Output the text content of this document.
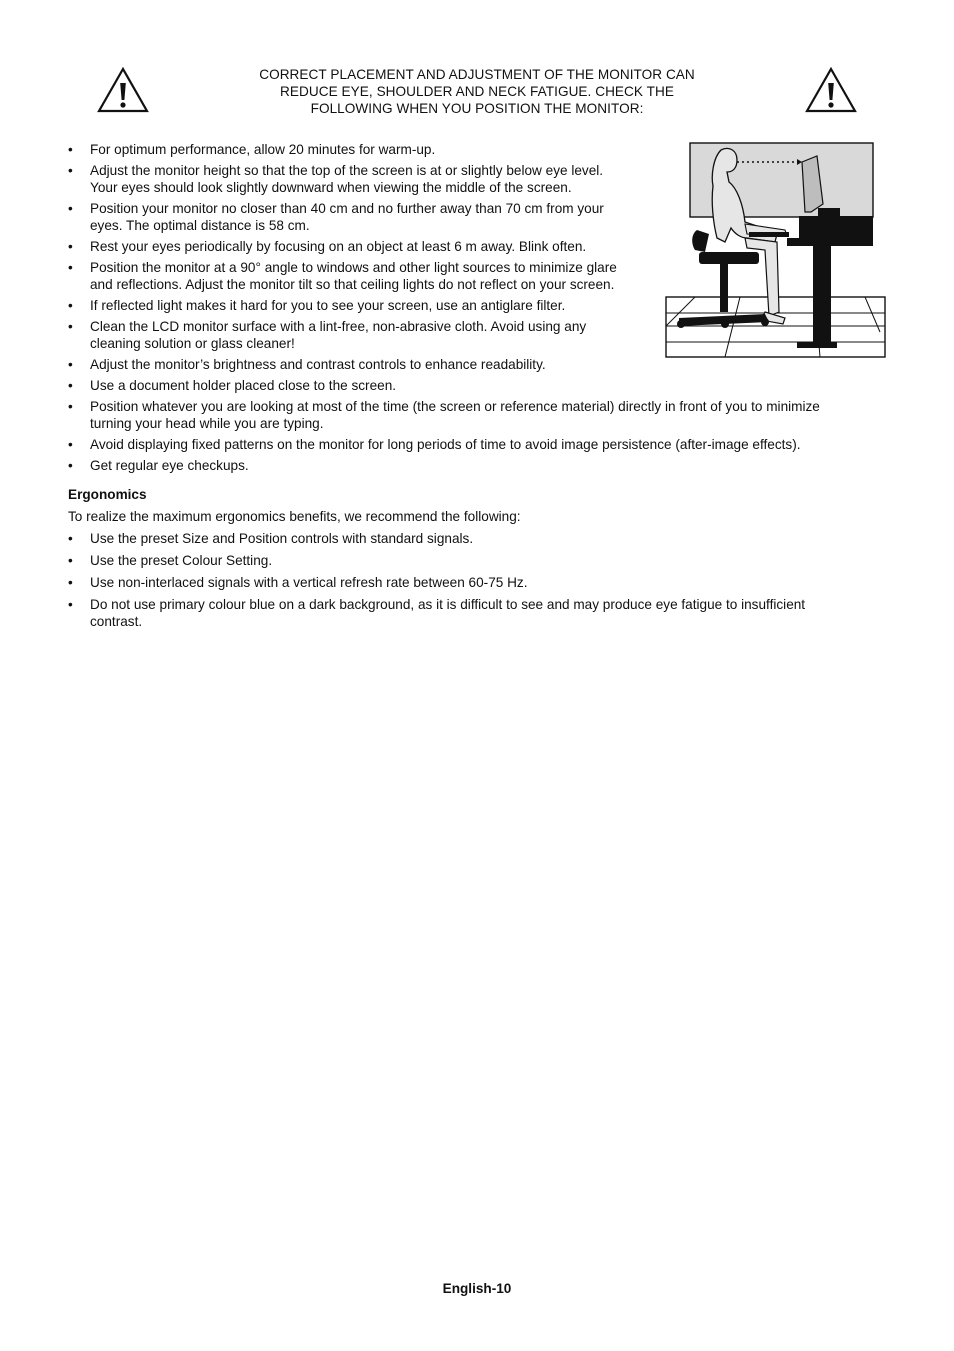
CORRECT PLACEMENT AND ADJUSTMENT OF THE MONITOR CAN
REDUCE EYE, SHOULDER AND NECK FATIGUE. CHECK THE
FOLLOWING WHEN YOU POSITION THE MONITOR:
• For optimum performance, allow 20 minutes for warm-up.
• Adjust the monitor height so that the top of the screen is at or slightly below eye level.
Your eyes should look slightly downward when viewing the middle of the screen.
• Position your monitor no closer than 40 cm and no further away than 70 cm from your
eyes. The optimal distance is 58 cm.
• Rest your eyes periodically by focusing on an object at least 6 m away. Blink often.
• Position the monitor at a 90° angle to windows and other light sources to minimize glare
and reflections. Adjust the monitor tilt so that ceiling lights do not reflect on your screen.
• If reflected light makes it hard for you to see your screen, use an antiglare filter.
• Clean the LCD monitor surface with a lint-free, non-abrasive cloth. Avoid using any
cleaning solution or glass cleaner!
• Adjust the monitor’s brightness and contrast controls to enhance readability.
• Use a document holder placed close to the screen.
• Position whatever you are looking at most of the time (the screen or reference material) directly in front of you to minimize
turning your head while you are typing.
• Avoid displaying fixed patterns on the monitor for long periods of time to avoid image persistence (after-image effects).
• Get regular eye checkups.
Ergonomics
To realize the maximum ergonomics benefits, we recommend the following:
• Use the preset Size and Position controls with standard signals.
• Use the preset Colour Setting.
• Use non-interlaced signals with a vertical refresh rate between 60-75 Hz.
• Do not use primary colour blue on a dark background, as it is difficult to see and may produce eye fatigue to insufficient
contrast.
English-10
